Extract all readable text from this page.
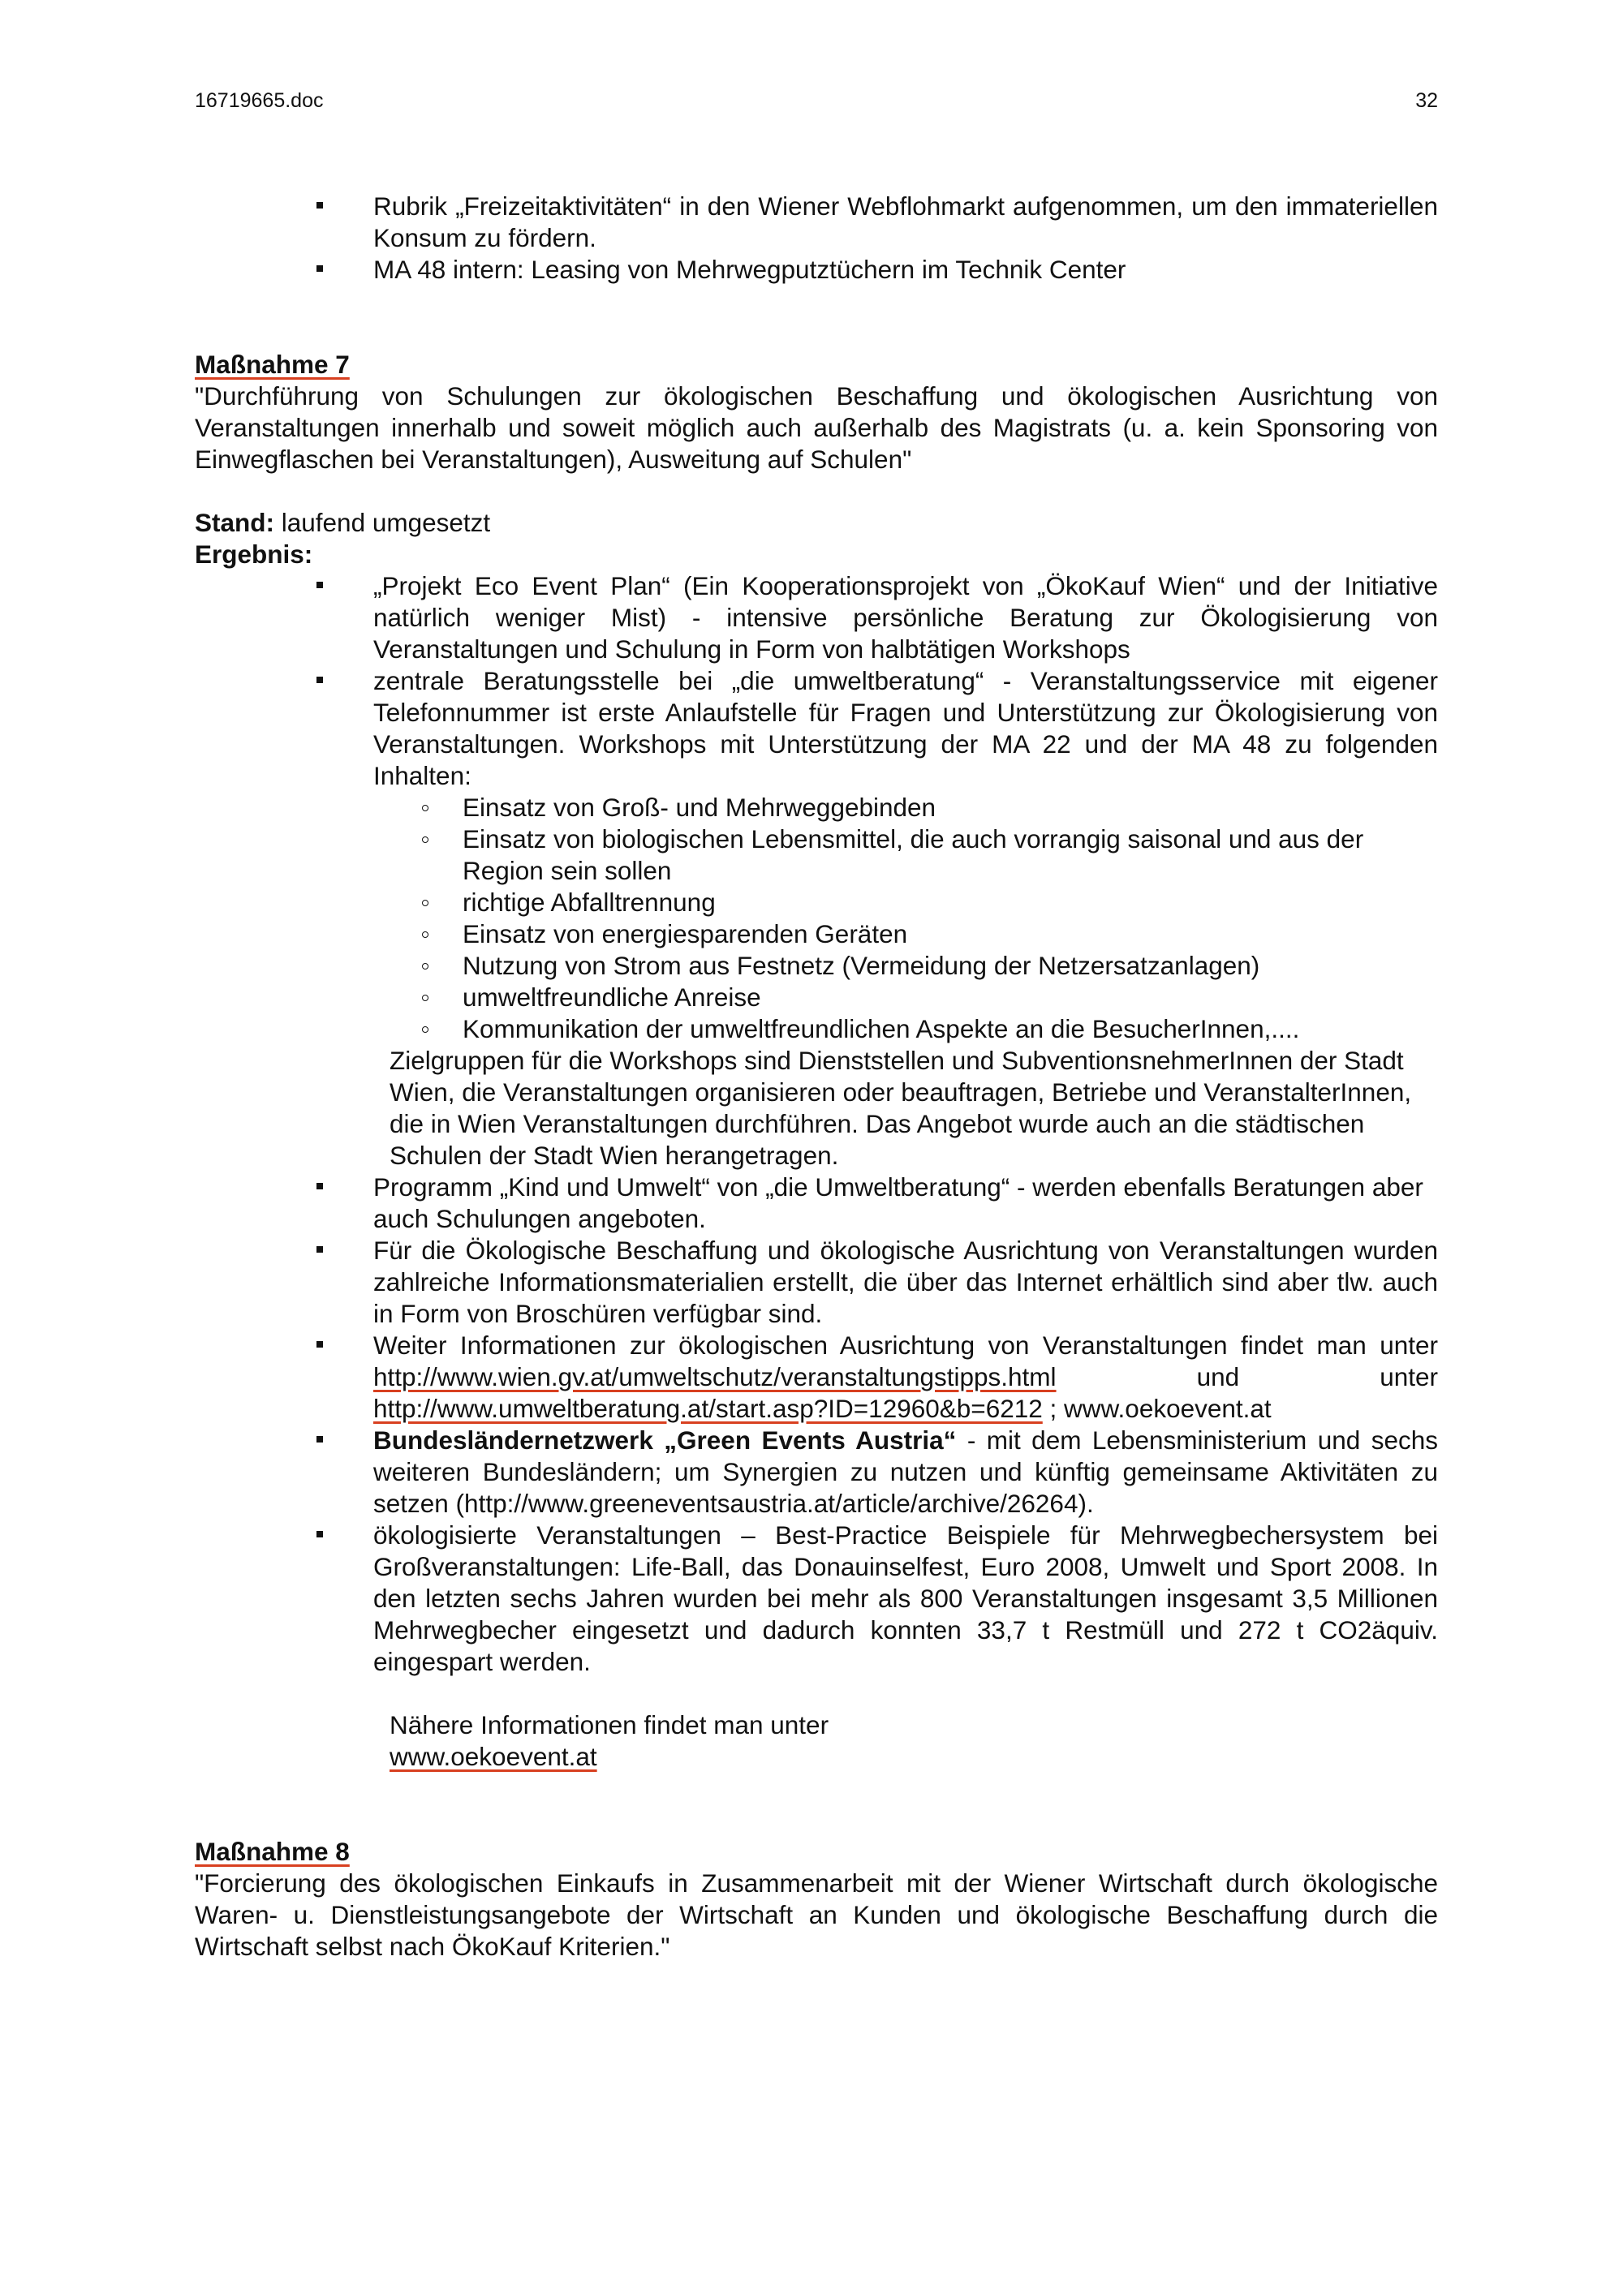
16719665.doc	32
Rubrik „Freizeitaktivitäten“ in den Wiener Webflohmarkt aufgenommen, um den immateriellen Konsum zu fördern.
MA 48 intern: Leasing von Mehrwegputztüchern im Technik Center
Maßnahme 7
"Durchführung von Schulungen zur ökologischen Beschaffung und ökologischen Ausrichtung von Veranstaltungen innerhalb und soweit möglich auch außerhalb des Magistrats (u. a. kein Sponsoring von Einwegflaschen bei Veranstaltungen), Ausweitung auf Schulen"
Stand: laufend umgesetzt
Ergebnis:
„Projekt Eco Event Plan“ (Ein Kooperationsprojekt von „ÖkoKauf Wien“ und der Initiative natürlich weniger Mist) - intensive persönliche Beratung zur Ökologisierung von Veranstaltungen und Schulung in Form von halbtätigen Workshops
zentrale Beratungsstelle bei „die umweltberatung“ - Veranstaltungsservice mit eigener Telefonnummer ist erste Anlaufstelle für Fragen und Unterstützung zur Ökologisierung von Veranstaltungen. Workshops mit Unterstützung der MA 22 und der MA 48 zu folgenden Inhalten:
Einsatz von Groß- und Mehrweggebinden
Einsatz von biologischen Lebensmittel, die auch vorrangig saisonal und aus der Region sein sollen
richtige Abfalltrennung
Einsatz von energiesparenden Geräten
Nutzung von Strom aus Festnetz (Vermeidung der Netzersatzanlagen)
umweltfreundliche Anreise
Kommunikation der umweltfreundlichen Aspekte an die BesucherInnen,....
Zielgruppen für die Workshops sind Dienststellen und SubventionsnehmerInnen der Stadt Wien, die Veranstaltungen organisieren oder beauftragen, Betriebe und VeranstalterInnen, die in Wien Veranstaltungen durchführen. Das Angebot wurde auch an die städtischen Schulen der Stadt Wien herangetragen.
Programm „Kind und Umwelt“ von „die Umweltberatung“ - werden ebenfalls Beratungen aber auch Schulungen angeboten.
Für die Ökologische Beschaffung und ökologische Ausrichtung von Veranstaltungen wurden zahlreiche Informationsmaterialien erstellt, die über das Internet erhältlich sind aber tlw. auch in Form von Broschüren verfügbar sind.
Weiter Informationen zur ökologischen Ausrichtung von Veranstaltungen findet man unter http://www.wien.gv.at/umweltschutz/veranstaltungstipps.html und unter http://www.umweltberatung.at/start.asp?ID=12960&b=6212 ; www.oekoevent.at
Bundesländernetzwerk „Green Events Austria“ - mit dem Lebensministerium und sechs weiteren Bundesländern; um Synergien zu nutzen und künftig gemeinsame Aktivitäten zu setzen (http://www.greeneventsaustria.at/article/archive/26264).
ökologisierte Veranstaltungen – Best-Practice Beispiele für Mehrwegbechersystem bei Großveranstaltungen: Life-Ball, das Donauinselfest, Euro 2008, Umwelt und Sport 2008. In den letzten sechs Jahren wurden bei mehr als 800 Veranstaltungen insgesamt 3,5 Millionen Mehrwegbecher eingesetzt und dadurch konnten 33,7 t Restmüll und 272 t CO2äquiv. eingespart werden.
Nähere Informationen findet man unter
www.oekoevent.at
Maßnahme 8
"Forcierung des ökologischen Einkaufs in Zusammenarbeit mit der Wiener Wirtschaft durch ökologische Waren- u. Dienstleistungsangebote der Wirtschaft an Kunden und ökologische Beschaffung durch die Wirtschaft selbst nach ÖkoKauf Kriterien."
